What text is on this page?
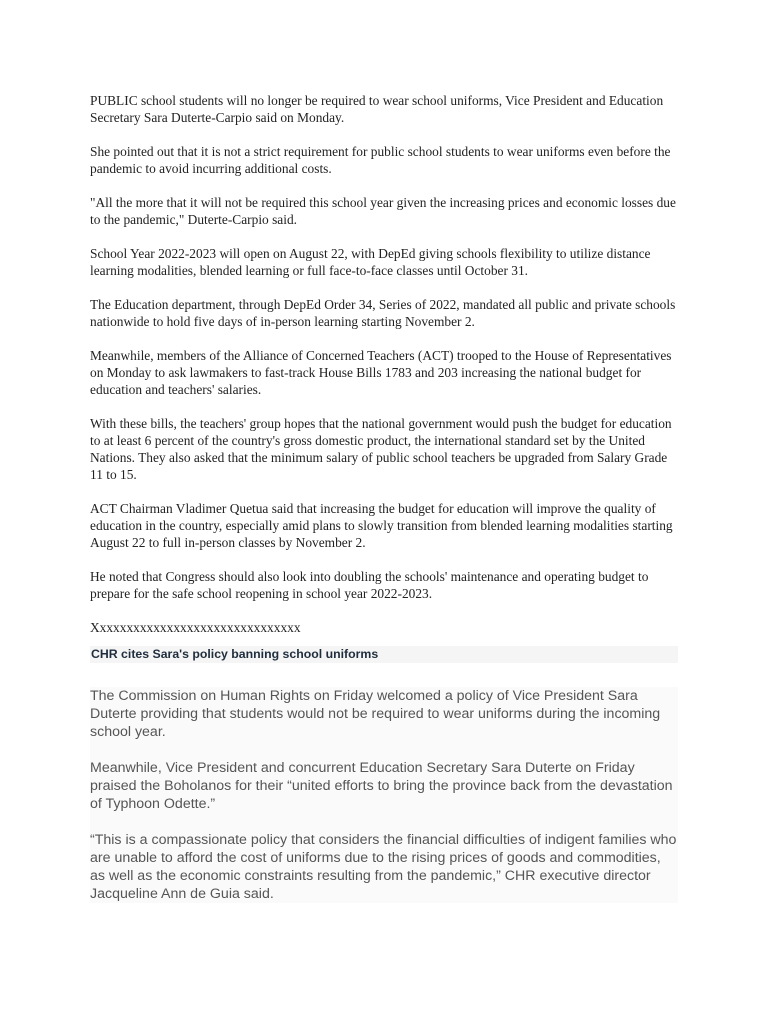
PUBLIC school students will no longer be required to wear school uniforms, Vice President and Education Secretary Sara Duterte-Carpio said on Monday.

She pointed out that it is not a strict requirement for public school students to wear uniforms even before the pandemic to avoid incurring additional costs.

"All the more that it will not be required this school year given the increasing prices and economic losses due to the pandemic," Duterte-Carpio said.

School Year 2022-2023 will open on August 22, with DepEd giving schools flexibility to utilize distance learning modalities, blended learning or full face-to-face classes until October 31.

The Education department, through DepEd Order 34, Series of 2022, mandated all public and private schools nationwide to hold five days of in-person learning starting November 2.

Meanwhile, members of the Alliance of Concerned Teachers (ACT) trooped to the House of Representatives on Monday to ask lawmakers to fast-track House Bills 1783 and 203 increasing the national budget for education and teachers' salaries.

With these bills, the teachers' group hopes that the national government would push the budget for education to at least 6 percent of the country's gross domestic product, the international standard set by the United Nations. They also asked that the minimum salary of public school teachers be upgraded from Salary Grade 11 to 15.

ACT Chairman Vladimer Quetua said that increasing the budget for education will improve the quality of education in the country, especially amid plans to slowly transition from blended learning modalities starting August 22 to full in-person classes by November 2.

He noted that Congress should also look into doubling the schools' maintenance and operating budget to prepare for the safe school reopening in school year 2022-2023.

Xxxxxxxxxxxxxxxxxxxxxxxxxxxxxxx

CHR cites Sara's policy banning school uniforms

The Commission on Human Rights on Friday welcomed a policy of Vice President Sara Duterte providing that students would not be required to wear uniforms during the incoming school year.

Meanwhile, Vice President and concurrent Education Secretary Sara Duterte on Friday praised the Boholanos for their “united efforts to bring the province back from the devastation of Typhoon Odette.”

“This is a compassionate policy that considers the financial difficulties of indigent families who are unable to afford the cost of uniforms due to the rising prices of goods and commodities, as well as the economic constraints resulting from the pandemic,” CHR executive director Jacqueline Ann de Guia said.
